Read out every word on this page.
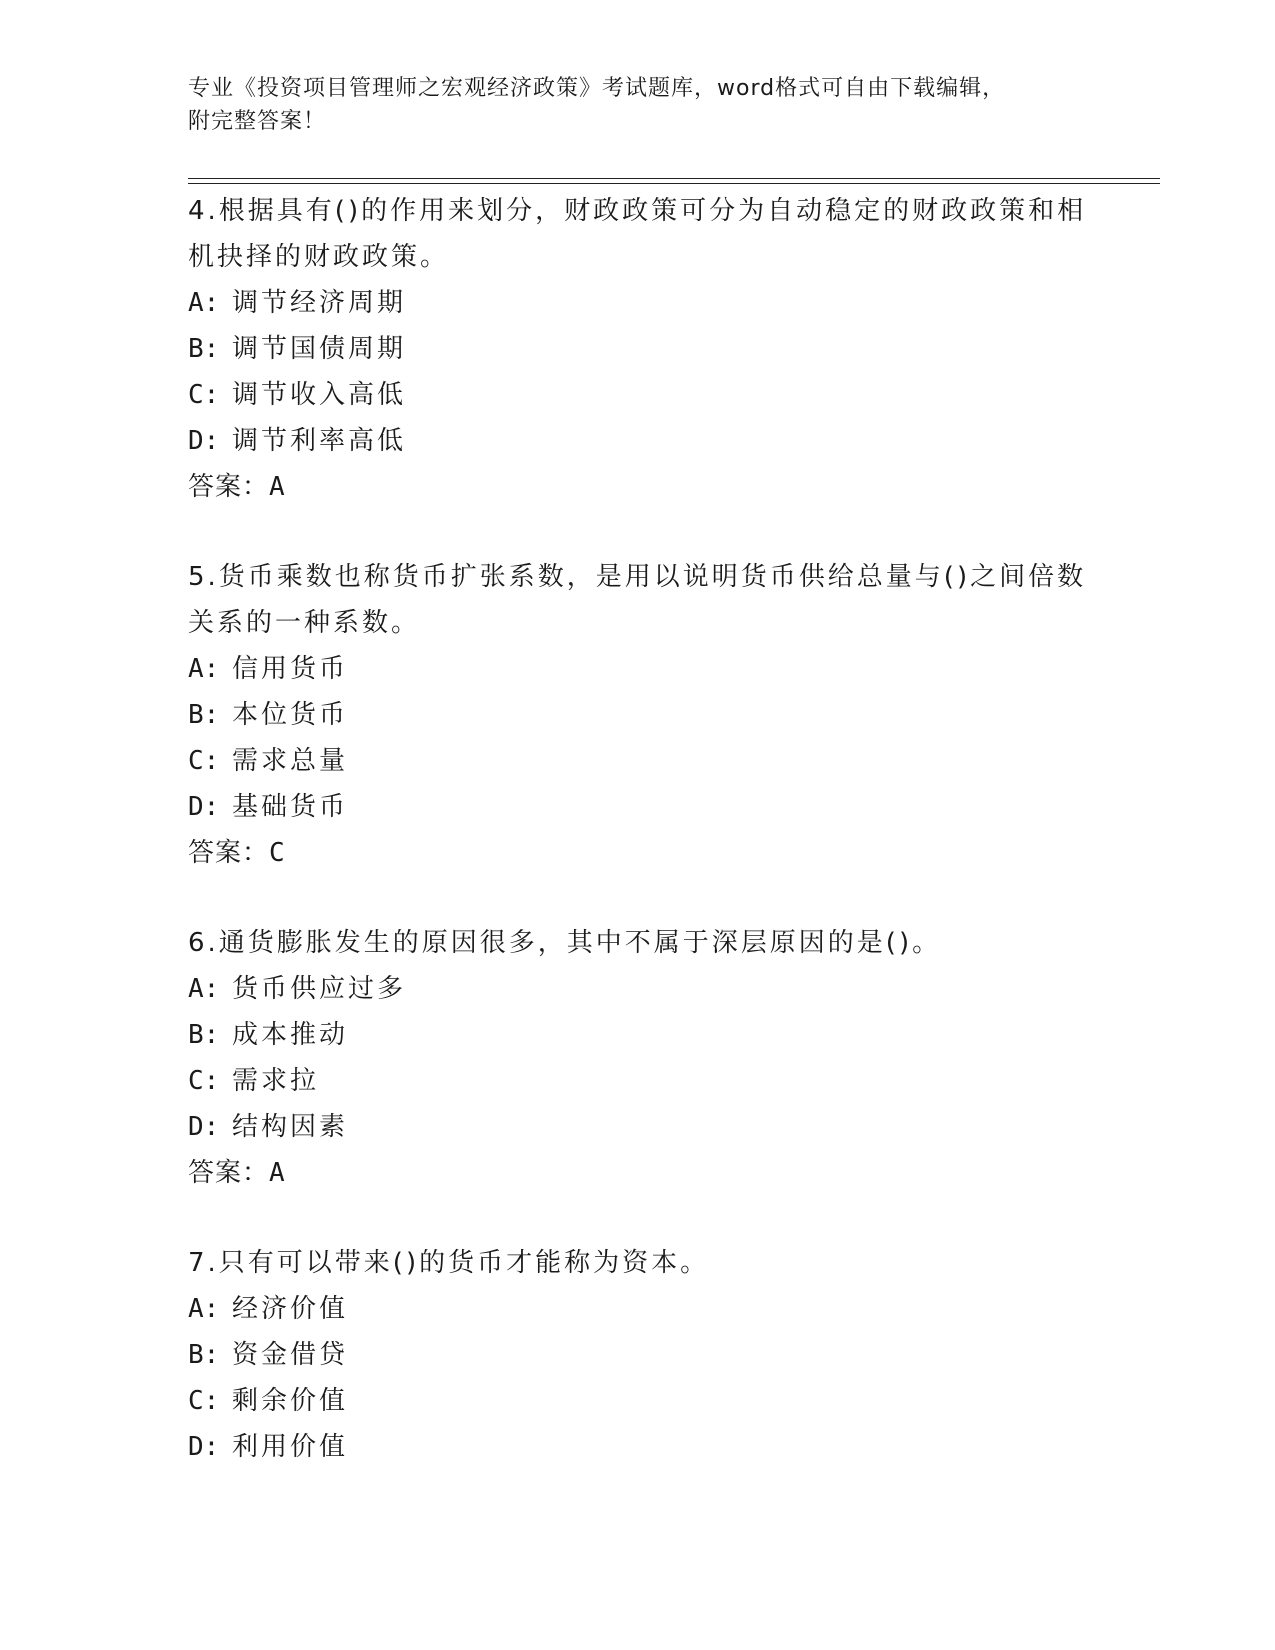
专业《投资项目管理师之宏观经济政策》考试题库，word格式可自由下载编辑，
附完整答案！
4.根据具有()的作用来划分，财政政策可分为自动稳定的财政政策和相机抉择的财政政策。
A: 调节经济周期
B: 调节国债周期
C: 调节收入高低
D: 调节利率高低
答案：A
5.货币乘数也称货币扩张系数，是用以说明货币供给总量与()之间倍数关系的一种系数。
A: 信用货币
B: 本位货币
C: 需求总量
D: 基础货币
答案：C
6.通货膨胀发生的原因很多，其中不属于深层原因的是()。
A: 货币供应过多
B: 成本推动
C: 需求拉
D: 结构因素
答案：A
7.只有可以带来()的货币才能称为资本。
A: 经济价值
B: 资金借贷
C: 剩余价值
D: 利用价值
